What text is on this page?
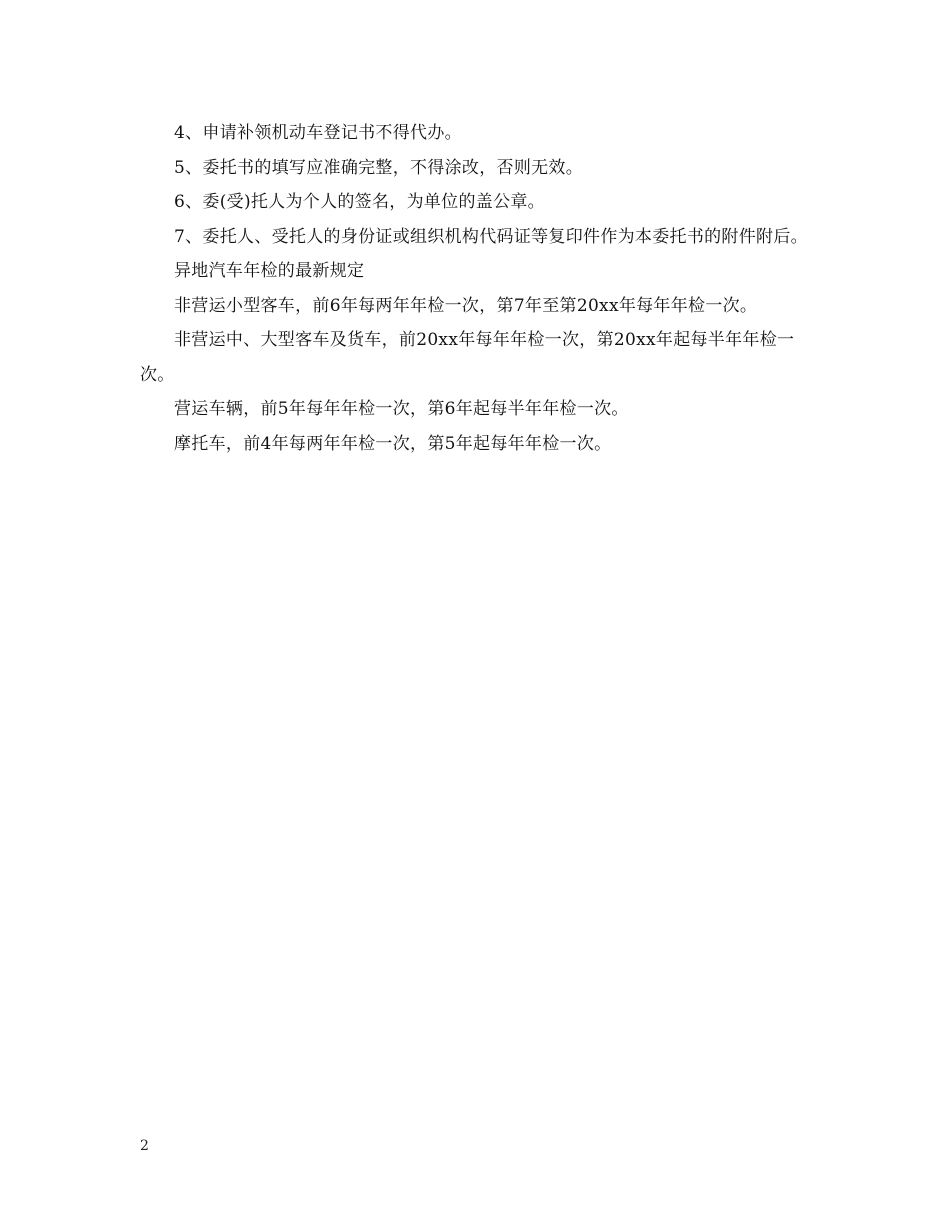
4、申请补领机动车登记书不得代办。

5、委托书的填写应准确完整，不得涂改，否则无效。

6、委(受)托人为个人的签名，为单位的盖公章。

7、委托人、受托人的身份证或组织机构代码证等复印件作为本委托书的附件附后。

异地汽车年检的最新规定

非营运小型客车，前6年每两年年检一次，第7年至第20xx年每年年检一次。

非营运中、大型客车及货车，前20xx年每年年检一次，第20xx年起每半年年检一次。

营运车辆，前5年每年年检一次，第6年起每半年年检一次。

摩托车，前4年每两年年检一次，第5年起每年年检一次。

2
